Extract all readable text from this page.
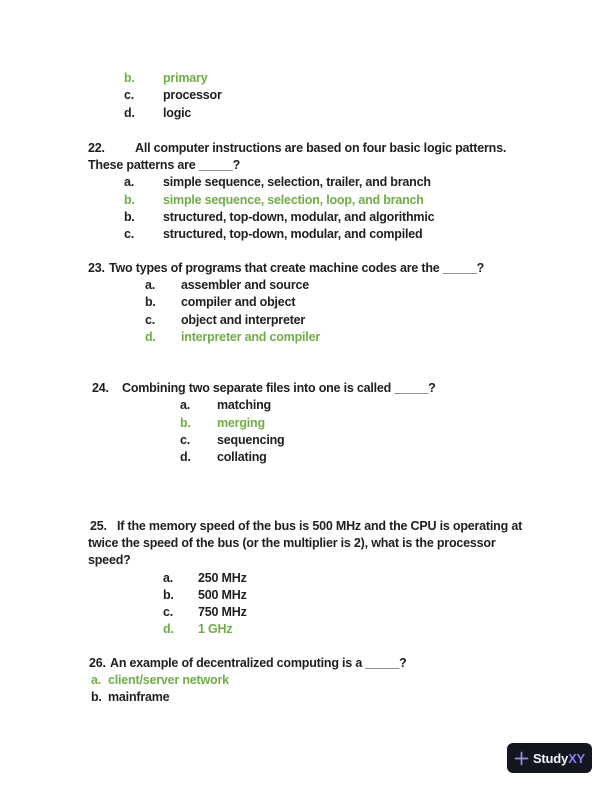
b. primary
c. processor
d. logic
22. All computer instructions are based on four basic logic patterns.
These patterns are _____?
a. simple sequence, selection, trailer, and branch
b. simple sequence, selection, loop, and branch
b. structured, top-down, modular, and algorithmic
c. structured, top-down, modular, and compiled
23. Two types of programs that create machine codes are the _____?
a. assembler and source
b. compiler and object
c. object and interpreter
d. interpreter and compiler
24. Combining two separate files into one is called _____?
a. matching
b. merging
c. sequencing
d. collating
25. If the memory speed of the bus is 500 MHz and the CPU is operating at
twice the speed of the bus (or the multiplier is 2), what is the processor
speed?
a. 250 MHz
b. 500 MHz
c. 750 MHz
d. 1 GHz
26. An example of decentralized computing is a _____?
a. client/server network
b. mainframe
StudyXY
